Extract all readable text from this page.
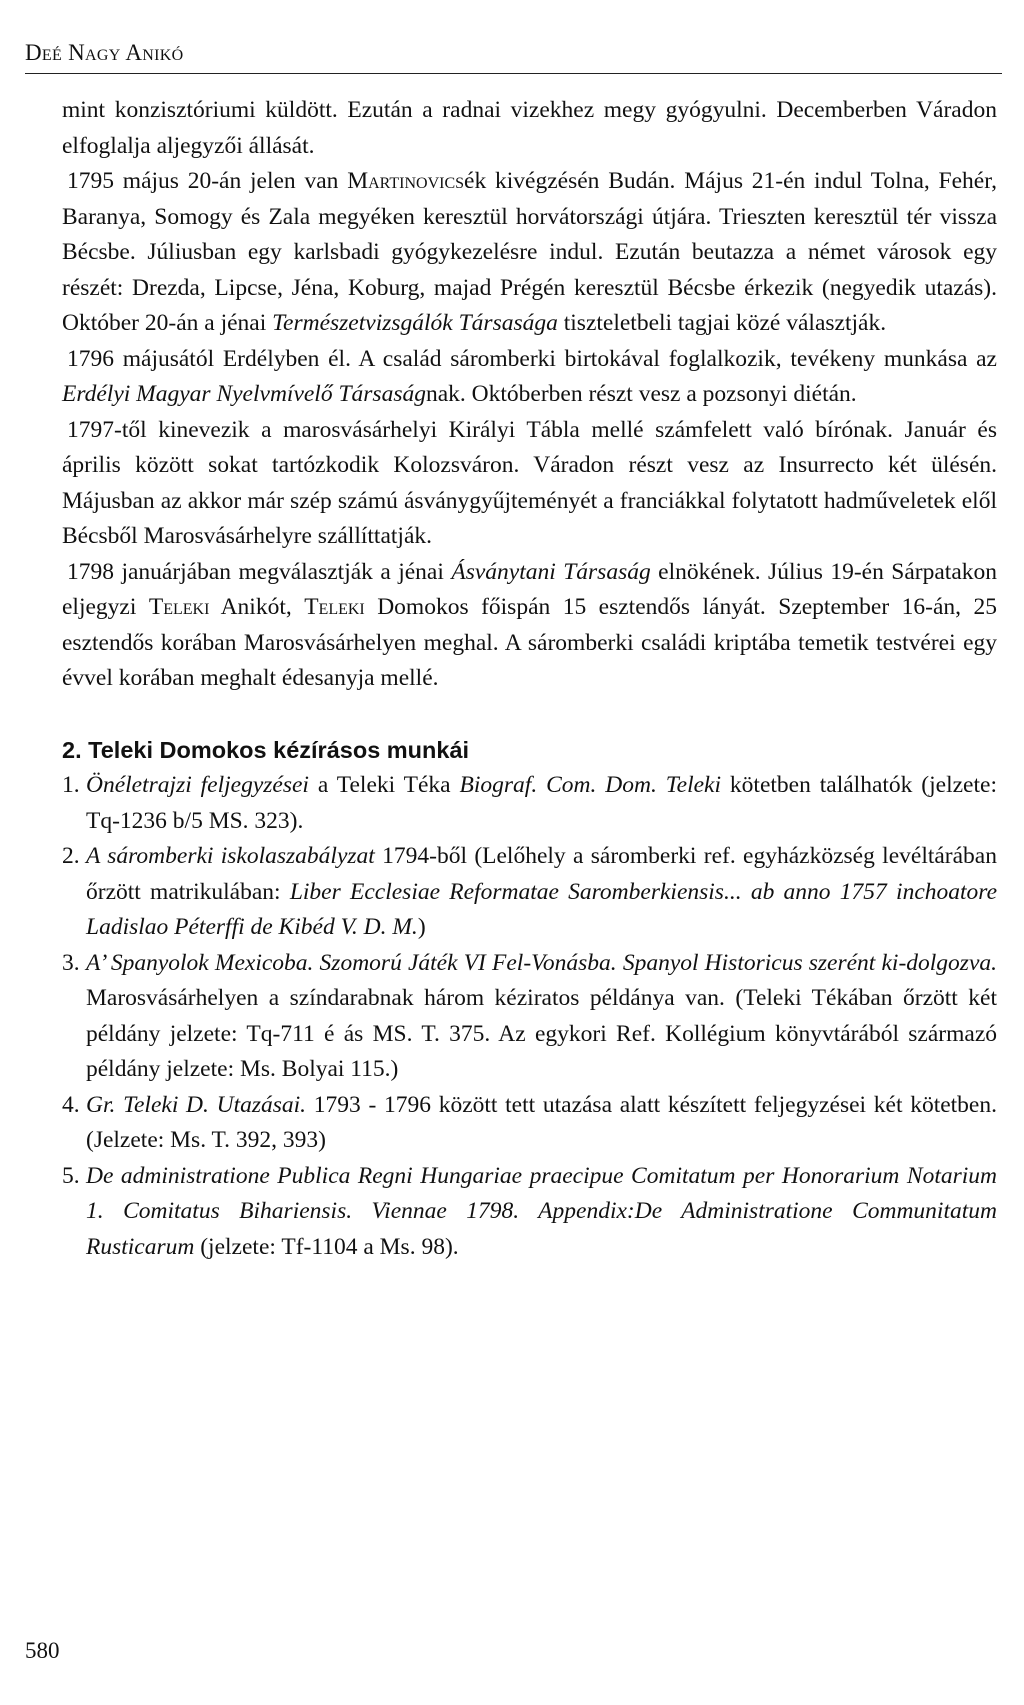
Deé Nagy Anikó

mint konzisztóriumi küldött. Ezután a radnai vizekhez megy gyógyulni. Decemberben Váradon elfoglalja aljegyzői állását.

1795 május 20-án jelen van Martinovicsék kivégzésén Budán. Május 21-én indul Tolna, Fehér, Baranya, Somogy és Zala megyéken keresztül horvátországi útjára. Trieszten keresztül tér vissza Bécsbe. Júliusban egy karlsbadi gyógykezelésre indul. Ezután beutazza a német városok egy részét: Drezda, Lipcse, Jéna, Koburg, majad Prégén keresztül Bécsbe érkezik (negyedik utazás). Október 20-án a jénai Természetvizsgálók Társasága tiszteletbeli tagjai közé választják.

1796 májusától Erdélyben él. A család sáromberki birtokával foglalkozik, tevékeny munkása az Erdélyi Magyar Nyelvmívelő Társaságnak. Októberben részt vesz a pozsonyi diétán.

1797-től kinevezik a marosvásárhelyi Királyi Tábla mellé számfelett való bírónak. Január és április között sokat tartózkodik Kolozsváron. Váradon részt vesz az Insurrecto két ülésén. Májusban az akkor már szép számú ásványgyűjteményét a franciákkal folytatott hadműveletek elől Bécsből Marosvásárhelyre szállíttatják.

1798 januárjában megválasztják a jénai Ásványtani Társaság elnökének. Július 19-én Sárpatakon eljegyzi Teleki Anikót, Teleki Domokos főispán 15 esztendős lányát. Szeptember 16-án, 25 esztendős korában Marosvásárhelyen meghal. A sáromberki családi kriptába temetik testvérei egy évvel korában meghalt édesanyja mellé.

2. Teleki Domokos kézírásos munkái
1. Önéletrajzi feljegyzései a Teleki Téka Biograf. Com. Dom. Teleki kötetben találhatók (jelzete: Tq-1236 b/5 MS. 323).
2. A sáromberki iskolaszabályzat 1794-ből (Lelőhely a sáromberki ref. egyházközség levéltárában őrzött matrikulában: Liber Ecclesiae Reformatae Saromberkiensis... ab anno 1757 inchoatore Ladislao Péterffi de Kibéd V. D. M.)
3. A’ Spanyolok Mexicoba. Szomorú Játék VI Fel-Vonásba. Spanyol Historicus szerént ki-dolgozva. Marosvásárhelyen a színdarabnak három kéziratos példánya van. (Teleki Tékában őrzött két példány jelzete: Tq-711 é ás MS. T. 375. Az egykori Ref. Kollégium könyvtárából származó példány jelzete: Ms. Bolyai 115.)
4. Gr. Teleki D. Utazásai. 1793 - 1796 között tett utazása alatt készített feljegyzései két kötetben. (Jelzete: Ms. T. 392, 393)
5. De administratione Publica Regni Hungariae praecipue Comitatum per Honorarium Notarium 1. Comitatus Bihariensis. Viennae 1798. Appendix:De Administratione Communitatum Rusticarum (jelzete: Tf-1104 a Ms. 98).
580
